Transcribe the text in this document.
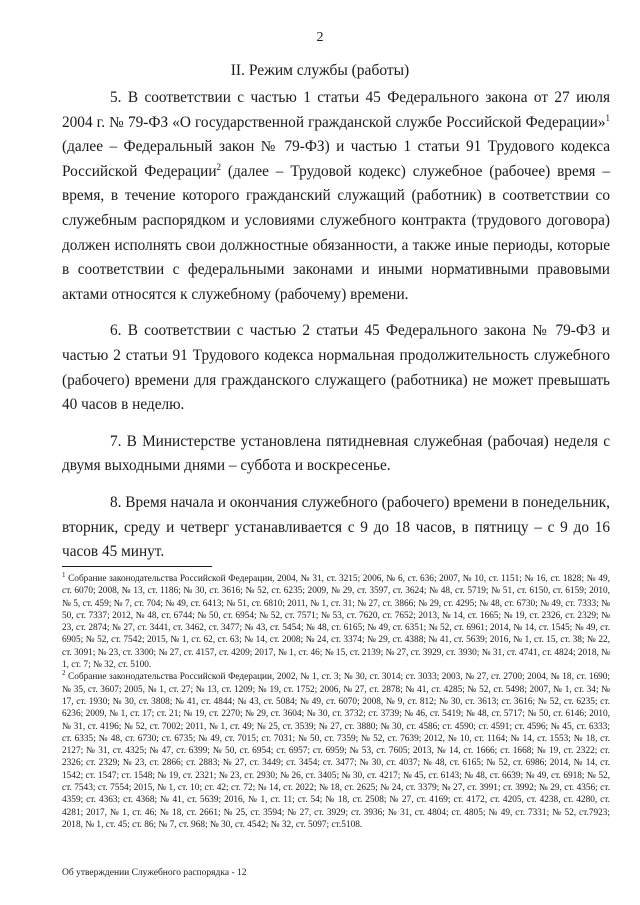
2
II. Режим службы (работы)

5. В соответствии с частью 1 статьи 45 Федерального закона от 27 июля 2004 г. № 79-ФЗ «О государственной гражданской службе Российской Федерации»$^1$ (далее – Федеральный закон № 79-ФЗ) и частью 1 статьи 91 Трудового кодекса Российской Федерации$^2$ (далее – Трудовой кодекс) служебное (рабочее) время – время, в течение которого гражданский служащий (работник) в соответствии со служебным распорядком и условиями служебного контракта (трудового договора) должен исполнять свои должностные обязанности, а также иные периоды, которые в соответствии с федеральными законами и иными нормативными правовыми актами относятся к служебному (рабочему) времени.

6. В соответствии с частью 2 статьи 45 Федерального закона № 79-ФЗ и частью 2 статьи 91 Трудового кодекса нормальная продолжительность служебного (рабочего) времени для гражданского служащего (работника) не может превышать 40 часов в неделю.

7. В Министерстве установлена пятидневная служебная (рабочая) неделя с двумя выходными днями – суббота и воскресенье.

8. Время начала и окончания служебного (рабочего) времени в понедельник, вторник, среду и четверг устанавливается с 9 до 18 часов, в пятницу – с 9 до 16 часов 45 минут.

$^1$ Собрание законодательства Российской Федерации, 2004, № 31, ст. 3215; 2006, № 6, ст. 636; 2007, № 10, ст. 1151; № 16, ст. 1828; № 49, ст. 6070; 2008, № 13, ст. 1186; № 30, ст. 3616; № 52, ст. 6235; 2009, № 29, ст. 3597, ст. 3624; № 48, ст. 5719; № 51, ст. 6150, ст. 6159; 2010, № 5, ст. 459; № 7, ст. 704; № 49, ст. 6413; № 51, ст. 6810; 2011, № 1, ст. 31; № 27, ст. 3866; № 29, ст. 4295; № 48, ст. 6730; № 49, ст. 7333; № 50, ст. 7337; 2012, № 48, ст. 6744; № 50, ст. 6954; № 52, ст. 7571; № 53, ст. 7620, ст. 7652; 2013, № 14, ст. 1665; № 19, ст. 2326, ст. 2329; № 23, ст. 2874; № 27, ст. 3441, ст. 3462, ст. 3477; № 43, ст. 5454; № 48, ст. 6165; № 49, ст. 6351; № 52, ст. 6961; 2014, № 14, ст. 1545; № 49, ст. 6905; № 52, ст. 7542; 2015, № 1, ст. 62, ст. 63; № 14, ст. 2008; № 24, ст. 3374; № 29, ст. 4388; № 41, ст. 5639; 2016, № 1, ст. 15, ст. 38; № 22, ст. 3091; № 23, ст. 3300; № 27, ст. 4157, ст. 4209; 2017, № 1, ст. 46; № 15, ст. 2139; № 27, ст. 3929, ст. 3930; № 31, ст. 4741, ст. 4824; 2018, № 1, ст. 7; № 32, ст. 5100.

$^2$ Собрание законодательства Российской Федерации, 2002, № 1, ст. 3; № 30, ст. 3014; ст. 3033; 2003, № 27, ст. 2700; 2004, № 18, ст. 1690; № 35, ст. 3607; 2005, № 1, ст. 27; № 13, ст. 1209; № 19, ст. 1752; 2006, № 27, ст. 2878; № 41, ст. 4285; № 52, ст. 5498; 2007, № 1, ст. 34; № 17, ст. 1930; № 30, ст. 3808; № 41, ст. 4844; № 43, ст. 5084; № 49, ст. 6070; 2008, № 9, ст. 812; № 30, ст. 3613; ст. 3616; № 52, ст. 6235; ст. 6236; 2009, № 1, ст. 17; ст. 21; № 19, ст. 2270; № 29, ст. 3604; № 30, ст. 3732; ст. 3739; № 46, ст. 5419; № 48, ст. 5717; № 50, ст. 6146; 2010, № 31, ст. 4196; № 52, ст. 7002; 2011, № 1, ст. 49; № 25, ст. 3539; № 27, ст. 3880; № 30, ст. 4586; ст. 4590; ст. 4591; ст. 4596; № 45, ст. 6333; ст. 6335; № 48, ст. 6730; ст. 6735; № 49, ст. 7015; ст. 7031; № 50, ст. 7359; № 52, ст. 7639; 2012, № 10, ст. 1164; № 14, ст. 1553; № 18, ст. 2127; № 31, ст. 4325; № 47, ст. 6399; № 50, ст. 6954; ст. 6957; ст. 6959; № 53, ст. 7605; 2013, № 14, ст. 1666; ст. 1668; № 19, ст. 2322; ст. 2326; ст. 2329; № 23, ст. 2866; ст. 2883; № 27, ст. 3449; ст. 3454; ст. 3477; № 30, ст. 4037; № 48, ст. 6165; № 52, ст. 6986; 2014, № 14, ст. 1542; ст. 1547; ст. 1548; № 19, ст. 2321; № 23, ст. 2930; № 26, ст. 3405; № 30, ст. 4217; № 45, ст. 6143; № 48, ст. 6639; № 49, ст. 6918; № 52, ст. 7543; ст. 7554; 2015, № 1, ст. 10; ст. 42; ст. 72; № 14, ст. 2022; № 18, ст. 2625; № 24, ст. 3379; № 27, ст. 3991; ст. 3992; № 29, ст. 4356; ст. 4359; ст. 4363; ст. 4368; № 41, ст. 5639; 2016, № 1, ст. 11; ст. 54; № 18, ст. 2508; № 27, ст. 4169; ст. 4172, ст. 4205, ст. 4238, ст. 4280, ст. 4281; 2017, № 1, ст. 46; № 18, ст. 2661; № 25, ст. 3594; № 27, ст. 3929; ст. 3936; № 31, ст. 4804; ст. 4805; № 49, ст. 7331; № 52, ст.7923; 2018, № 1, ст. 45; ст. 86; № 7, ст. 968; № 30, ст. 4542; № 32, ст. 5097; ст.5108.

Об утверждении Служебного распорядка - 12
